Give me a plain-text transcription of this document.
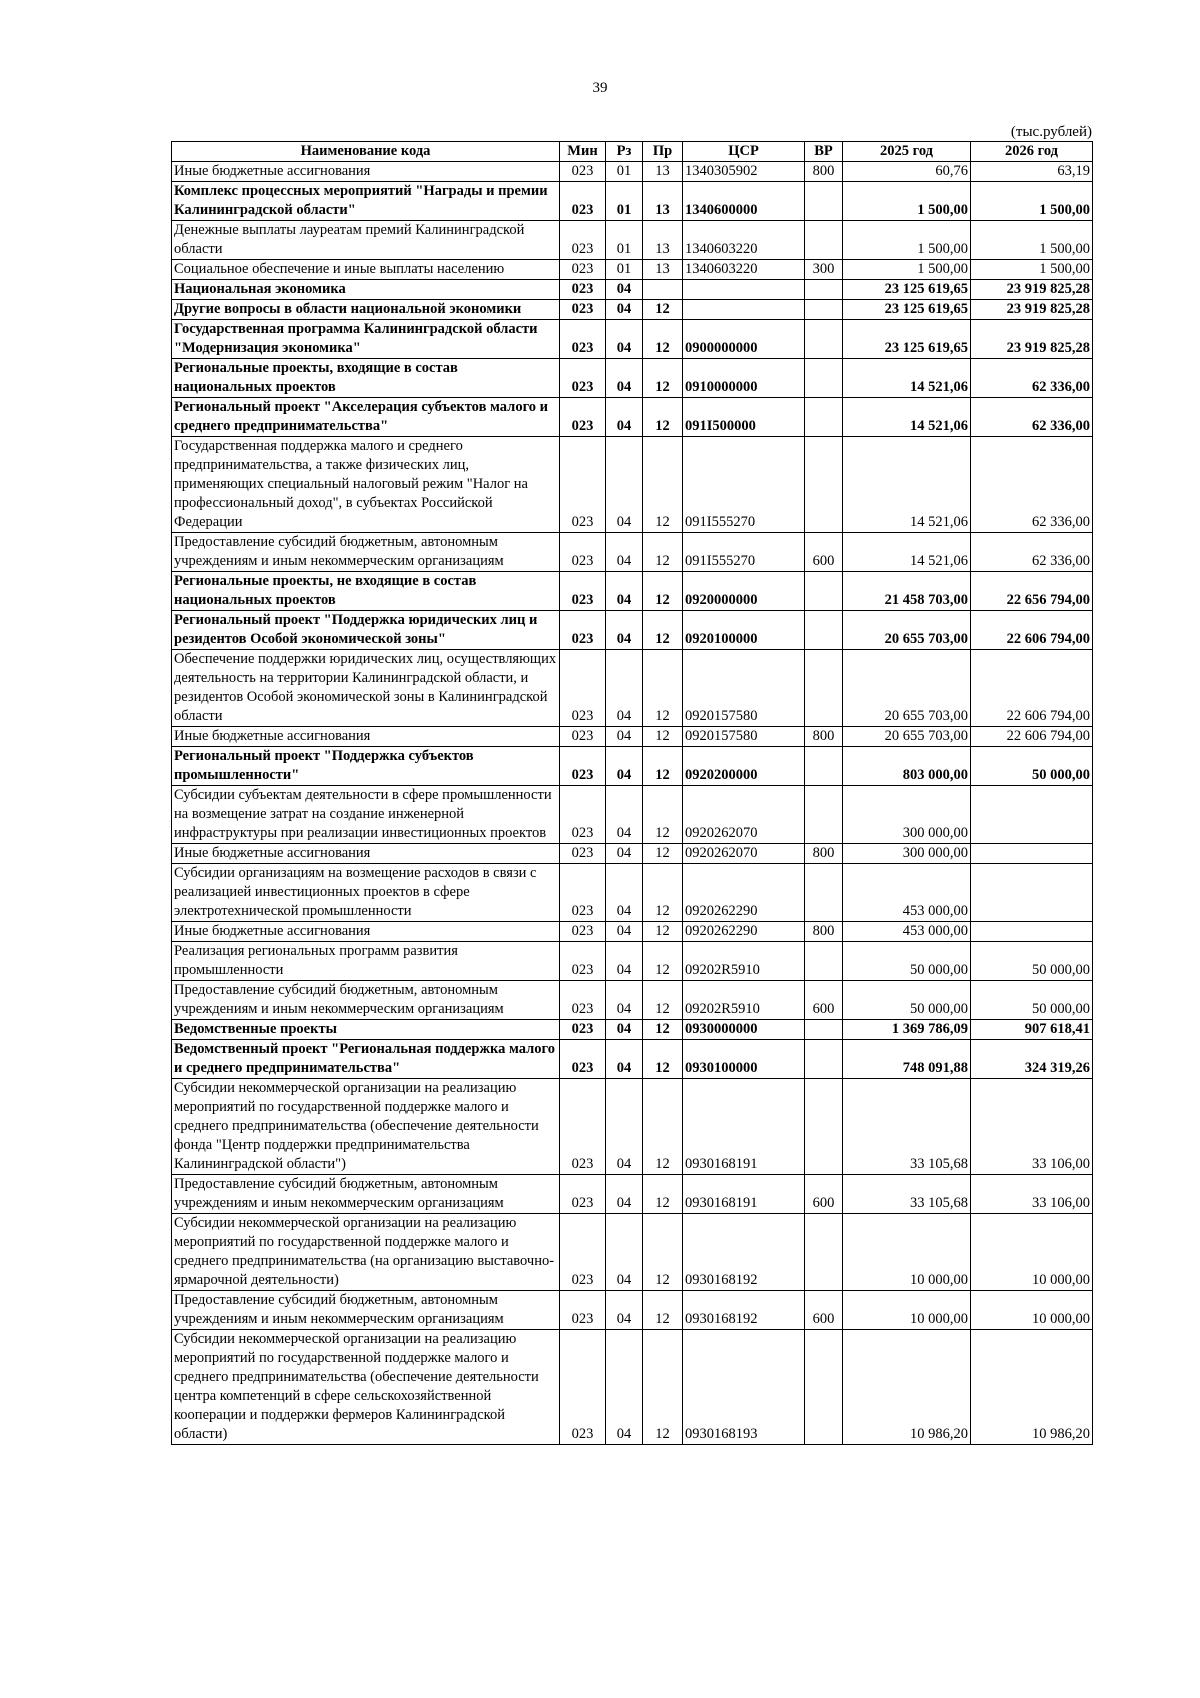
39
(тыс.рублей)
Наименование кода	Мин	Рз	Пр	ЦСР	ВР	2025 год	2026 год
Иные бюджетные ассигнования	023	01	13	1340305902	800	60,76	63,19
Комплекс процессных мероприятий "Награды и премии Калининградской области"	023	01	13	1340600000		1 500,00	1 500,00
Денежные выплаты лауреатам премий Калининградской области	023	01	13	1340603220		1 500,00	1 500,00
Социальное обеспечение и иные выплаты населению	023	01	13	1340603220	300	1 500,00	1 500,00
Национальная экономика	023	04				23 125 619,65	23 919 825,28
Другие вопросы в области национальной экономики	023	04	12			23 125 619,65	23 919 825,28
Государственная программа Калининградской области "Модернизация экономика"	023	04	12	0900000000		23 125 619,65	23 919 825,28
Региональные проекты, входящие в состав национальных проектов	023	04	12	0910000000		14 521,06	62 336,00
Региональный проект "Акселерация субъектов малого и среднего предпринимательства"	023	04	12	091I500000		14 521,06	62 336,00
Государственная поддержка малого и среднего предпринимательства, а также физических лиц, применяющих специальный налоговый режим "Налог на профессиональный доход", в субъектах Российской Федерации	023	04	12	091I555270		14 521,06	62 336,00
Предоставление субсидий бюджетным, автономным учреждениям и иным некоммерческим организациям	023	04	12	091I555270	600	14 521,06	62 336,00
Региональные проекты, не входящие в состав национальных проектов	023	04	12	0920000000		21 458 703,00	22 656 794,00
Региональный проект "Поддержка юридических лиц и резидентов Особой экономической зоны"	023	04	12	0920100000		20 655 703,00	22 606 794,00
Обеспечение поддержки юридических лиц, осуществляющих деятельность на территории Калининградской области, и резидентов Особой экономической зоны в Калининградской области	023	04	12	0920157580		20 655 703,00	22 606 794,00
Иные бюджетные ассигнования	023	04	12	0920157580	800	20 655 703,00	22 606 794,00
Региональный проект "Поддержка субъектов промышленности"	023	04	12	0920200000		803 000,00	50 000,00
Субсидии субъектам деятельности в сфере промышленности на возмещение затрат на создание инженерной инфраструктуры при реализации инвестиционных проектов	023	04	12	0920262070		300 000,00	
Иные бюджетные ассигнования	023	04	12	0920262070	800	300 000,00	
Субсидии организациям на возмещение расходов в связи с реализацией инвестиционных проектов в сфере электротехнической промышленности	023	04	12	0920262290		453 000,00	
Иные бюджетные ассигнования	023	04	12	0920262290	800	453 000,00	
Реализация региональных программ развития промышленности	023	04	12	09202R5910		50 000,00	50 000,00
Предоставление субсидий бюджетным, автономным учреждениям и иным некоммерческим организациям	023	04	12	09202R5910	600	50 000,00	50 000,00
Ведомственные проекты	023	04	12	0930000000		1 369 786,09	907 618,41
Ведомственный проект "Региональная поддержка малого и среднего предпринимательства"	023	04	12	0930100000		748 091,88	324 319,26
Субсидии некоммерческой организации на реализацию мероприятий по государственной поддержке малого и среднего предпринимательства (обеспечение деятельности фонда "Центр поддержки предпринимательства Калининградской области")	023	04	12	0930168191		33 105,68	33 106,00
Предоставление субсидий бюджетным, автономным учреждениям и иным некоммерческим организациям	023	04	12	0930168191	600	33 105,68	33 106,00
Субсидии некоммерческой организации на реализацию мероприятий по государственной поддержке малого и среднего предпринимательства (на организацию выставочно-ярмарочной деятельности)	023	04	12	0930168192		10 000,00	10 000,00
Предоставление субсидий бюджетным, автономным учреждениям и иным некоммерческим организациям	023	04	12	0930168192	600	10 000,00	10 000,00
Субсидии некоммерческой организации на реализацию мероприятий по государственной поддержке малого и среднего предпринимательства (обеспечение деятельности центра компетенций в сфере сельскохозяйственной кооперации и поддержки фермеров Калининградской области)	023	04	12	0930168193		10 986,20	10 986,20
